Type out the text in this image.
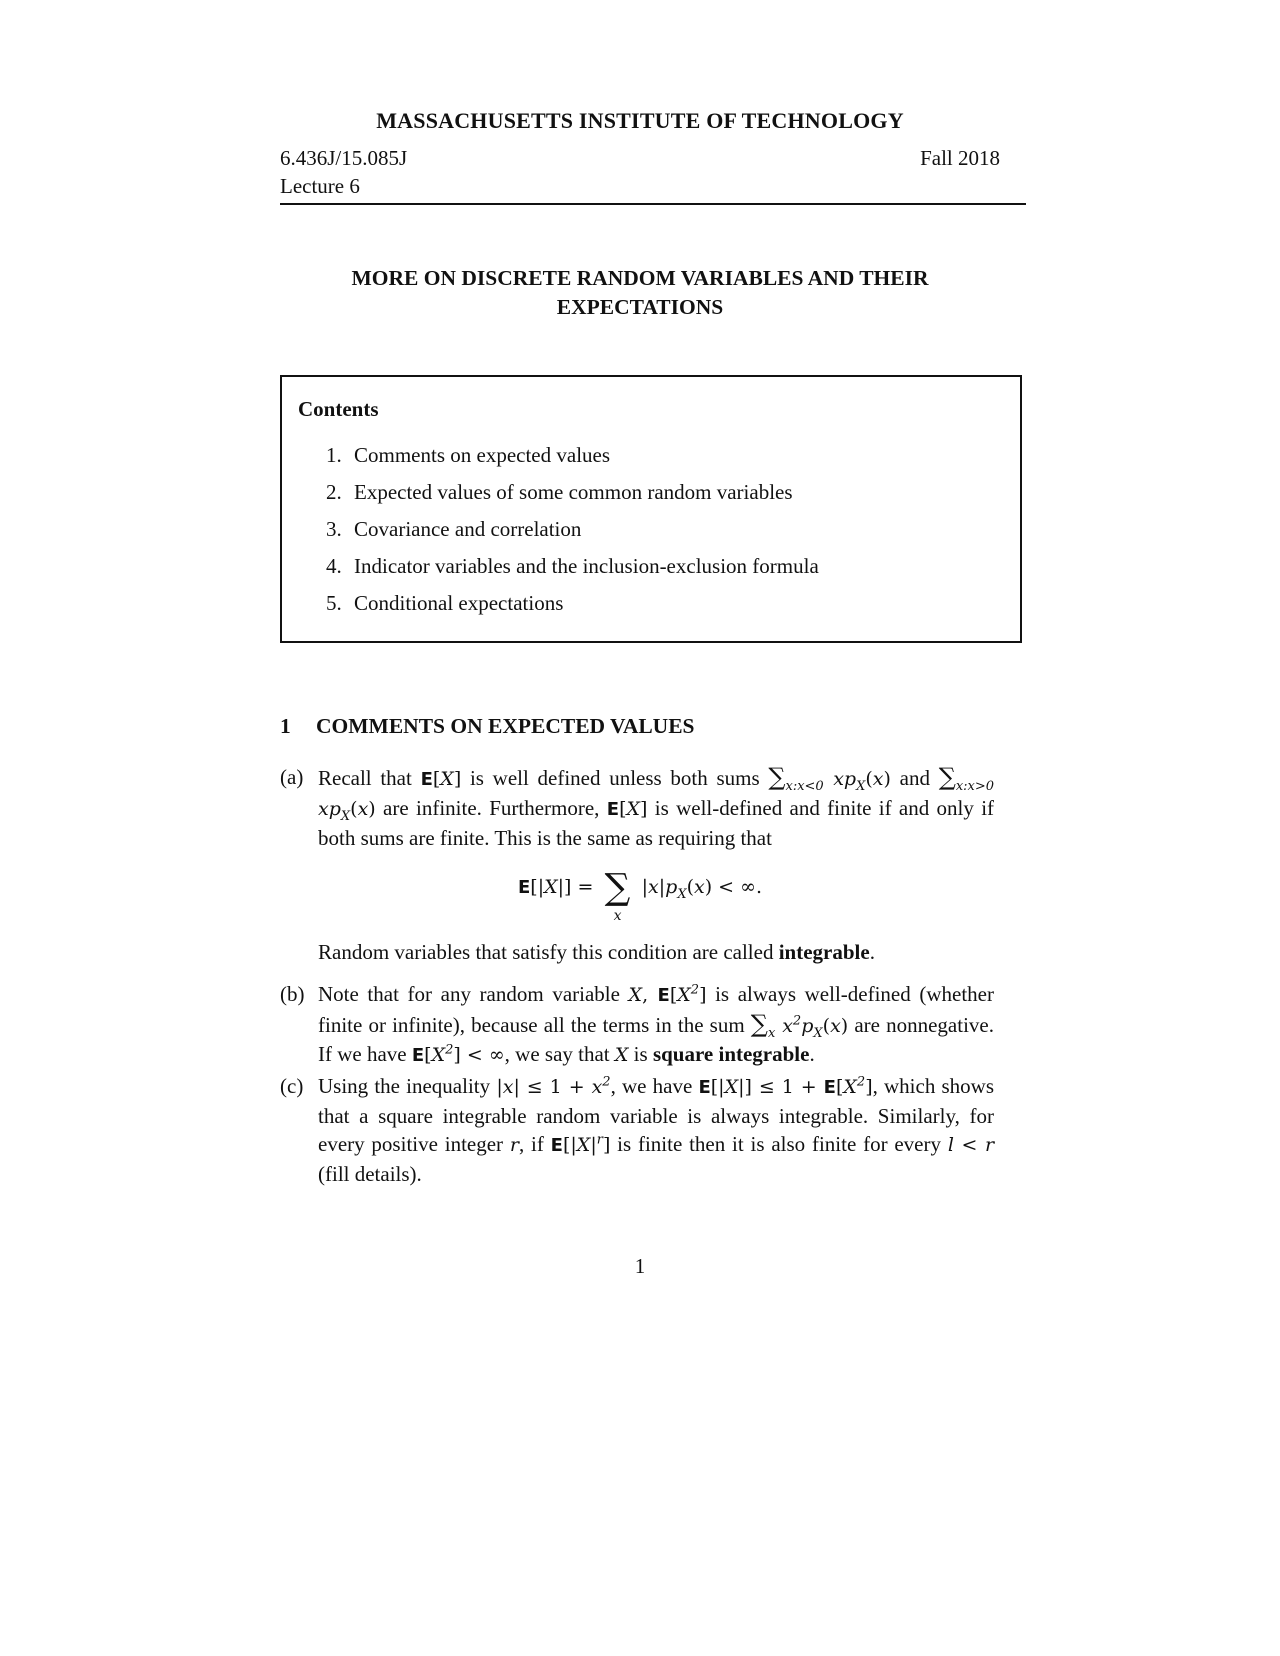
MASSACHUSETTS INSTITUTE OF TECHNOLOGY
6.436J/15.085J	Fall 2018
Lecture 6
MORE ON DISCRETE RANDOM VARIABLES AND THEIR
EXPECTATIONS
Contents
1. Comments on expected values
2. Expected values of some common random variables
3. Covariance and correlation
4. Indicator variables and the inclusion-exclusion formula
5. Conditional expectations
1	COMMENTS ON EXPECTED VALUES
(a) Recall that E[X] is well defined unless both sums $\sum_{x:x<0}$ $xp_X(x)$ and $\sum_{x:x>0}$ $xp_X(x)$ are infinite. Furthermore, E[X] is well-defined and finite if and only if both sums are finite. This is the same as requiring that
E[|X|] = ∑
x
$|x|p_X(x)$ < ∞.
Random variables that satisfy this condition are called integrable.
(b) Note that for any random variable X, $E[X^2]$ is always well-defined (whether finite or infinite), because all the terms in the sum $\sum_x$ $x^2p_X(x)$ are nonnegative. If we have $E[X^2]$ < ∞, we say that X is square integrable.
(c) Using the inequality $|x| \le 1 + x^2$, we have $E[|X|] \le 1 + E[X^2]$, which shows that a square integrable random variable is always integrable. Similarly, for every positive integer r, if $E[|X|^r]$ is finite then it is also finite for every l < r (fill details).
1
